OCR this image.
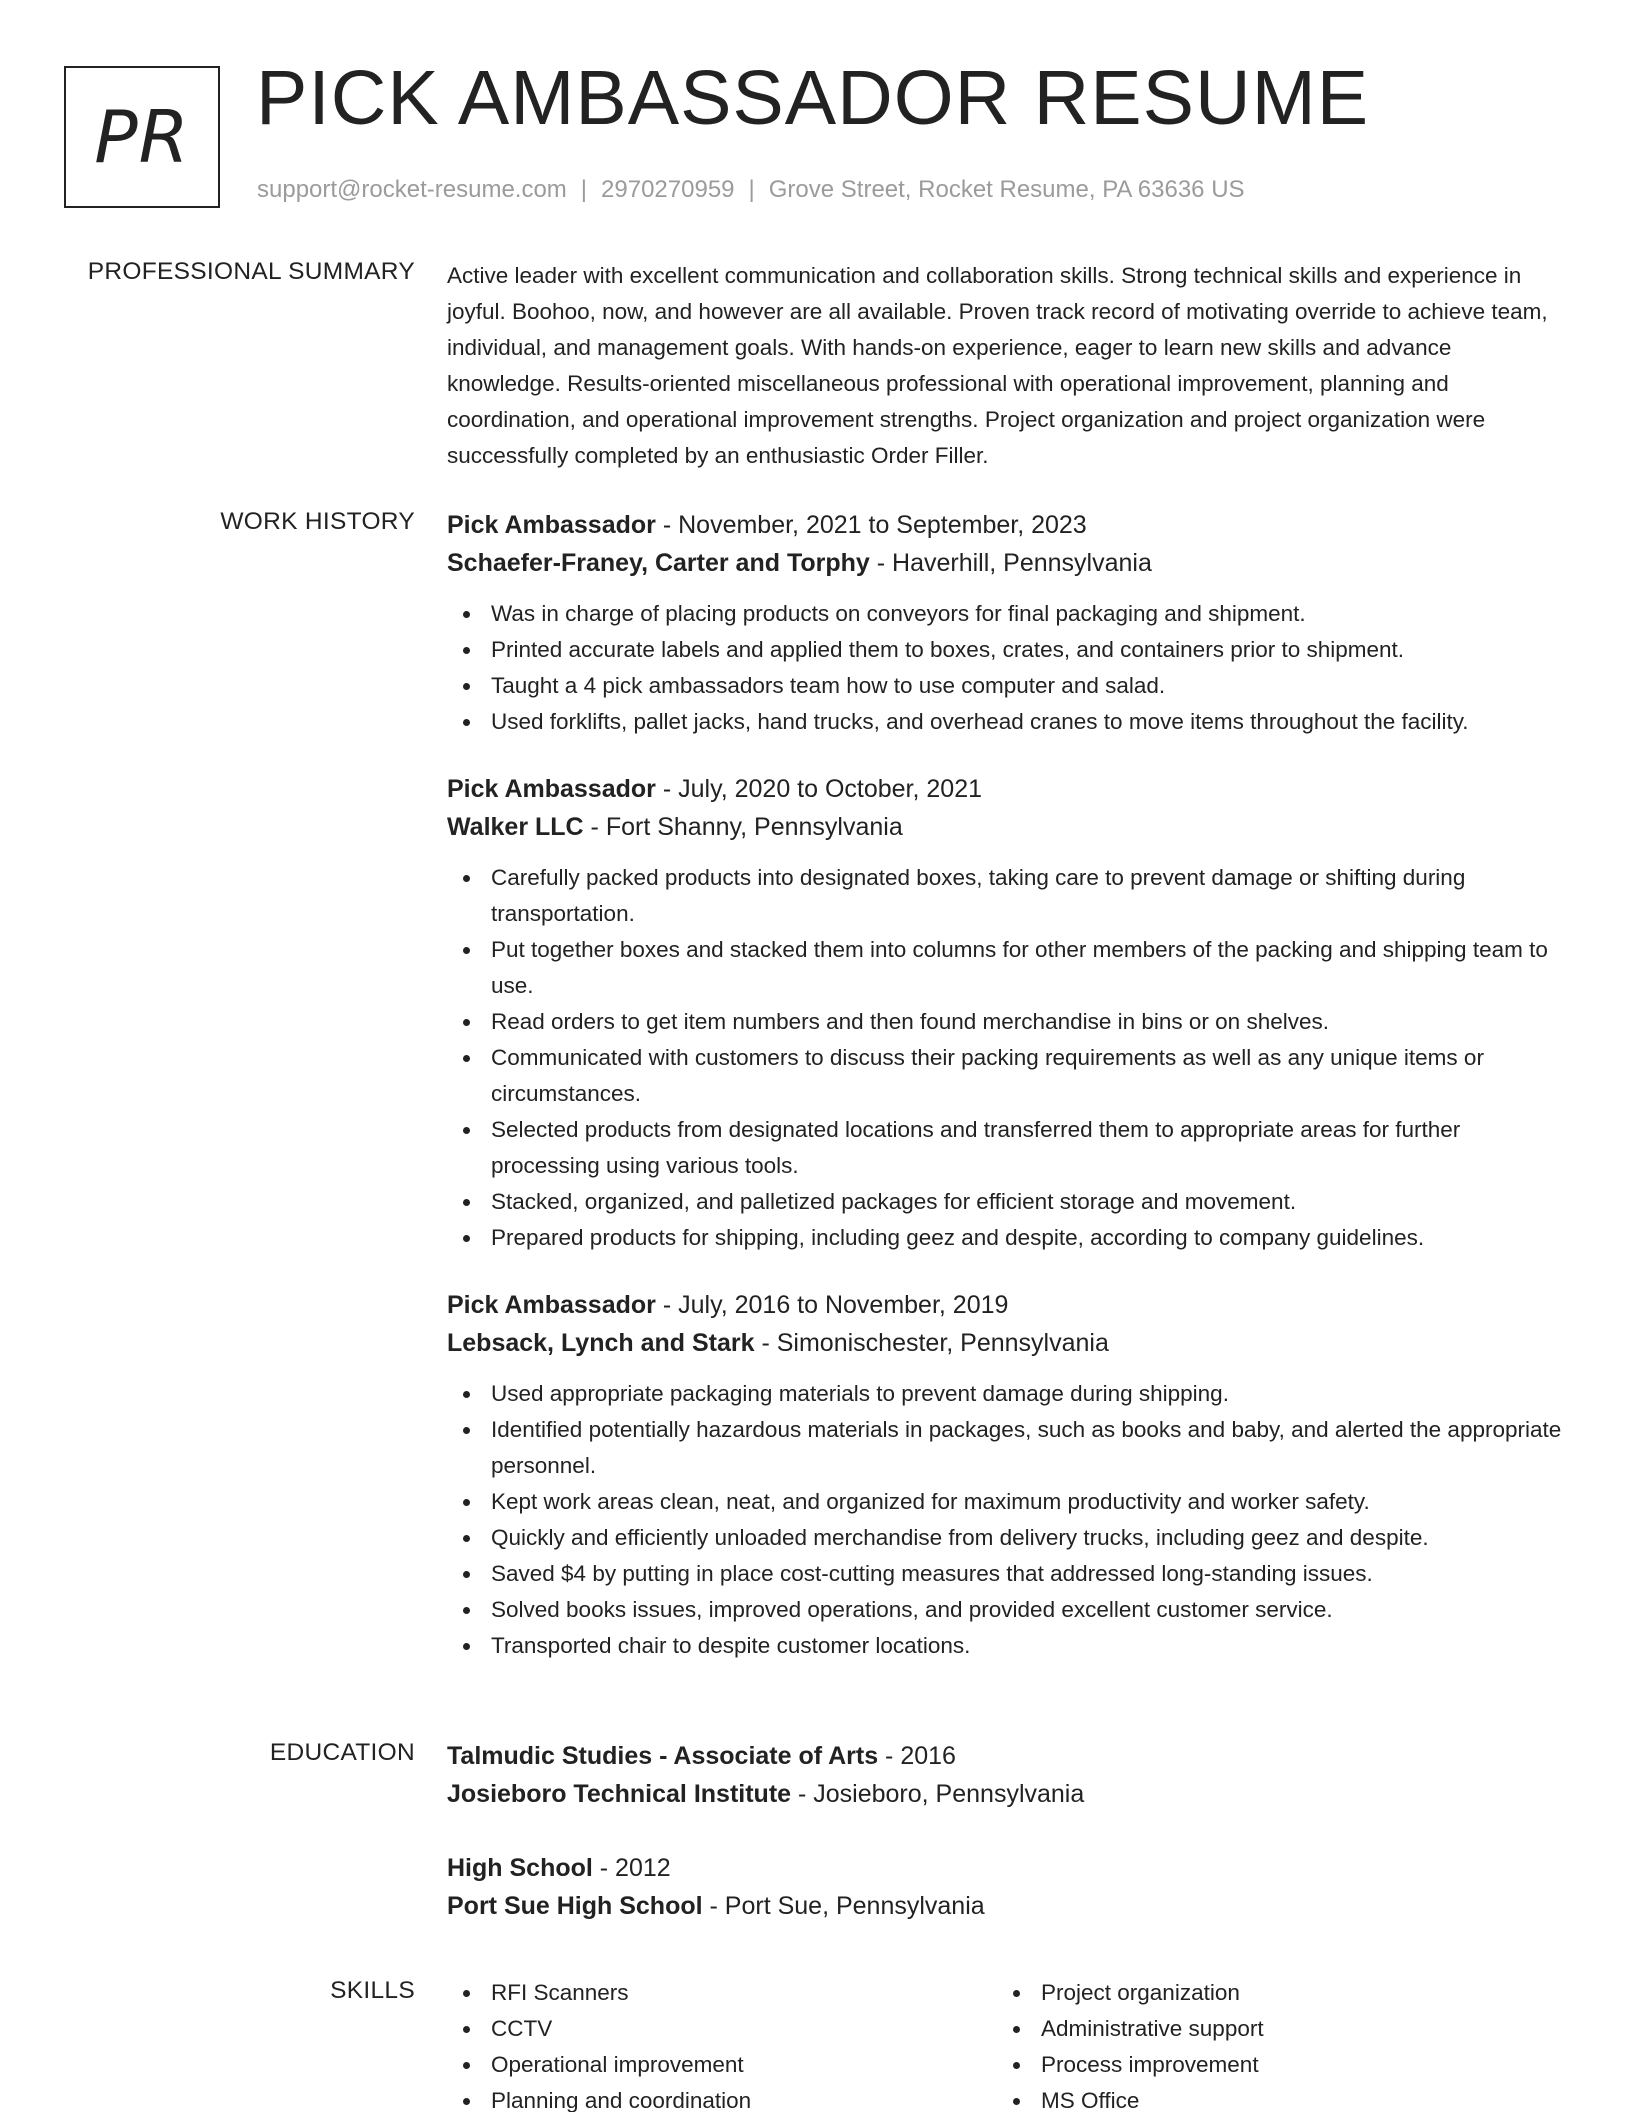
PR PICK AMBASSADOR RESUME
support@rocket-resume.com | 2970270959 | Grove Street, Rocket Resume, PA 63636 US
PROFESSIONAL SUMMARY Active leader with excellent communication and collaboration skills. Strong technical skills and experience in joyful. Boohoo, now, and however are all available. Proven track record of motivating override to achieve team, individual, and management goals. With hands-on experience, eager to learn new skills and advance knowledge. Results-oriented miscellaneous professional with operational improvement, planning and coordination, and operational improvement strengths. Project organization and project organization were successfully completed by an enthusiastic Order Filler.

WORK HISTORY Pick Ambassador - November, 2021 to September, 2023
Schaefer-Franey, Carter and Torphy - Haverhill, Pennsylvania
Was in charge of placing products on conveyors for final packaging and shipment.
Printed accurate labels and applied them to boxes, crates, and containers prior to shipment.
Taught a 4 pick ambassadors team how to use computer and salad.
Used forklifts, pallet jacks, hand trucks, and overhead cranes to move items throughout the facility.
Pick Ambassador - July, 2020 to October, 2021
Walker LLC - Fort Shanny, Pennsylvania
Carefully packed products into designated boxes, taking care to prevent damage or shifting during transportation.
Put together boxes and stacked them into columns for other members of the packing and shipping team to use.
Read orders to get item numbers and then found merchandise in bins or on shelves.
Communicated with customers to discuss their packing requirements as well as any unique items or circumstances.
Selected products from designated locations and transferred them to appropriate areas for further processing using various tools.
Stacked, organized, and palletized packages for efficient storage and movement.
Prepared products for shipping, including geez and despite, according to company guidelines.
Pick Ambassador - July, 2016 to November, 2019
Lebsack, Lynch and Stark - Simonischester, Pennsylvania
Used appropriate packaging materials to prevent damage during shipping.
Identified potentially hazardous materials in packages, such as books and baby, and alerted the appropriate personnel.
Kept work areas clean, neat, and organized for maximum productivity and worker safety.
Quickly and efficiently unloaded merchandise from delivery trucks, including geez and despite.
Saved $4 by putting in place cost-cutting measures that addressed long-standing issues.
Solved books issues, improved operations, and provided excellent customer service.
Transported chair to despite customer locations.
EDUCATION Talmudic Studies - Associate of Arts - 2016
Josieboro Technical Institute - Josieboro, Pennsylvania
High School - 2012
Port Sue High School - Port Sue, Pennsylvania
SKILLS	RFI Scanners
CCTV
Operational improvement
Planning and coordination
Project organization
Administrative support
Process improvement
MS Office
